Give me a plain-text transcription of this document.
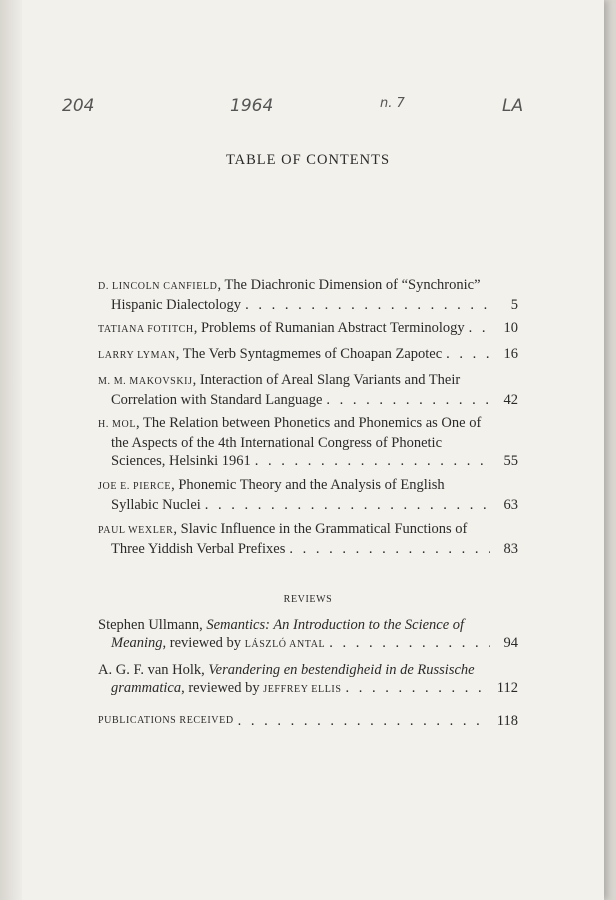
204	1964	n. 7	LA
TABLE OF CONTENTS
D. LINCOLN CANFIELD, The Diachronic Dimension of “Synchronic”
Hispanic Dialectology . . .	5
TATIANA FOTITCH, Problems of Rumanian Abstract Terminology . . .	10
LARRY LYMAN, The Verb Syntagmemes of Choapan Zapotec . . .	16
M. M. MAKOVSKIJ, Interaction of Areal Slang Variants and Their
Correlation with Standard Language . . .	42
H. MOL, The Relation between Phonetics and Phonemics as One of
the Aspects of the 4th International Congress of Phonetic
Sciences, Helsinki 1961 . . .	55
JOE E. PIERCE, Phonemic Theory and the Analysis of English
Syllabic Nuclei . . .	63
PAUL WEXLER, Slavic Influence in the Grammatical Functions of
Three Yiddish Verbal Prefixes . . .	83
REVIEWS
Stephen Ullmann, Semantics: An Introduction to the Science of
Meaning, reviewed by LÁSZLÓ ANTAL . . .	94
A. G. F. van Holk, Verandering en bestendigheid in de Russische
grammatica, reviewed by JEFFREY ELLIS . . .	112
PUBLICATIONS RECEIVED . . .	118
